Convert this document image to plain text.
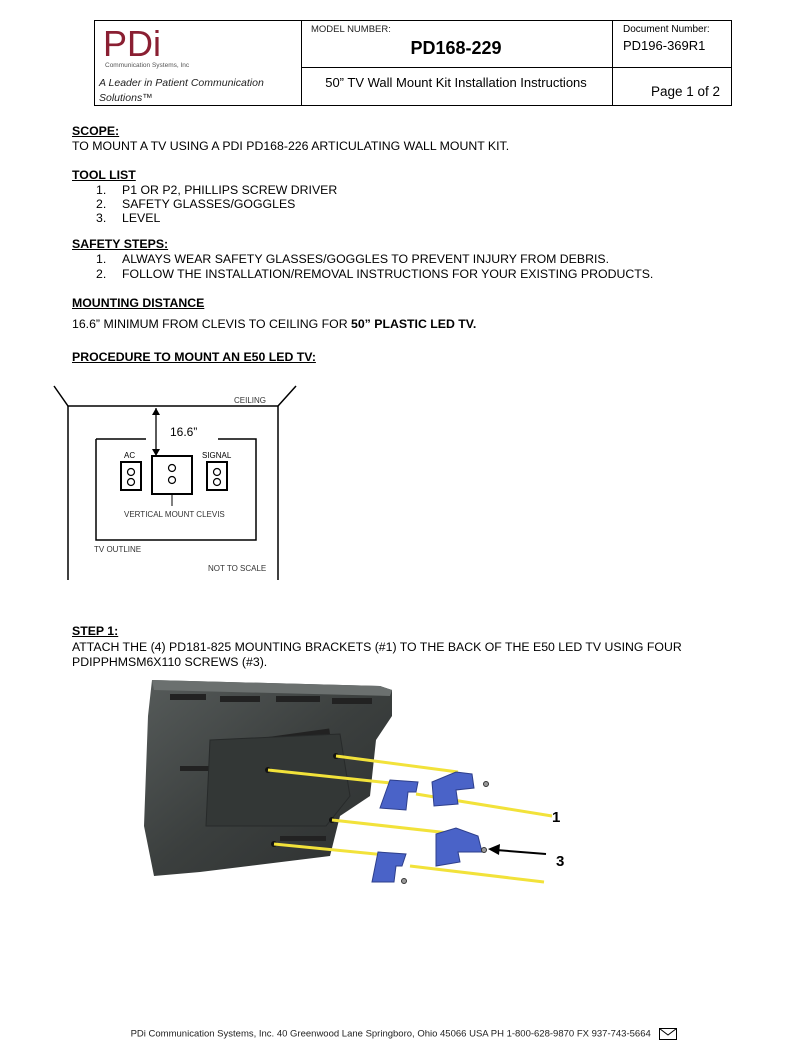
PDi
Communication Systems, Inc
A Leader in Patient Communication Solutions™
MODEL NUMBER:
PD168-229
50” TV Wall Mount Kit Installation Instructions
Document Number:
PD196-369R1
Page 1 of 2
SCOPE:
TO MOUNT A TV USING A PDI PD168-226 ARTICULATING WALL MOUNT KIT.
TOOL LIST
1. P1 OR P2, PHILLIPS SCREW DRIVER
2. SAFETY GLASSES/GOGGLES
3. LEVEL
SAFETY STEPS:
1. ALWAYS WEAR SAFETY GLASSES/GOGGLES TO PREVENT INJURY FROM DEBRIS.
2. FOLLOW THE INSTALLATION/REMOVAL INSTRUCTIONS FOR YOUR EXISTING PRODUCTS.
MOUNTING DISTANCE
16.6” MINIMUM FROM CLEVIS TO CEILING FOR 50” PLASTIC LED TV.
PROCEDURE TO MOUNT AN E50 LED TV:
CEILING
16.6”
AC	SIGNAL
VERTICAL MOUNT CLEVIS
TV OUTLINE
NOT TO SCALE
STEP 1:
ATTACH THE (4) PD181-825 MOUNTING BRACKETS (#1) TO THE BACK OF THE E50 LED TV USING FOUR
PDIPPHMSM6X110 SCREWS (#3).
1
3
PDi Communication Systems, Inc. 40 Greenwood Lane Springboro, Ohio 45066 USA PH 1-800-628-9870 FX 937-743-5664
